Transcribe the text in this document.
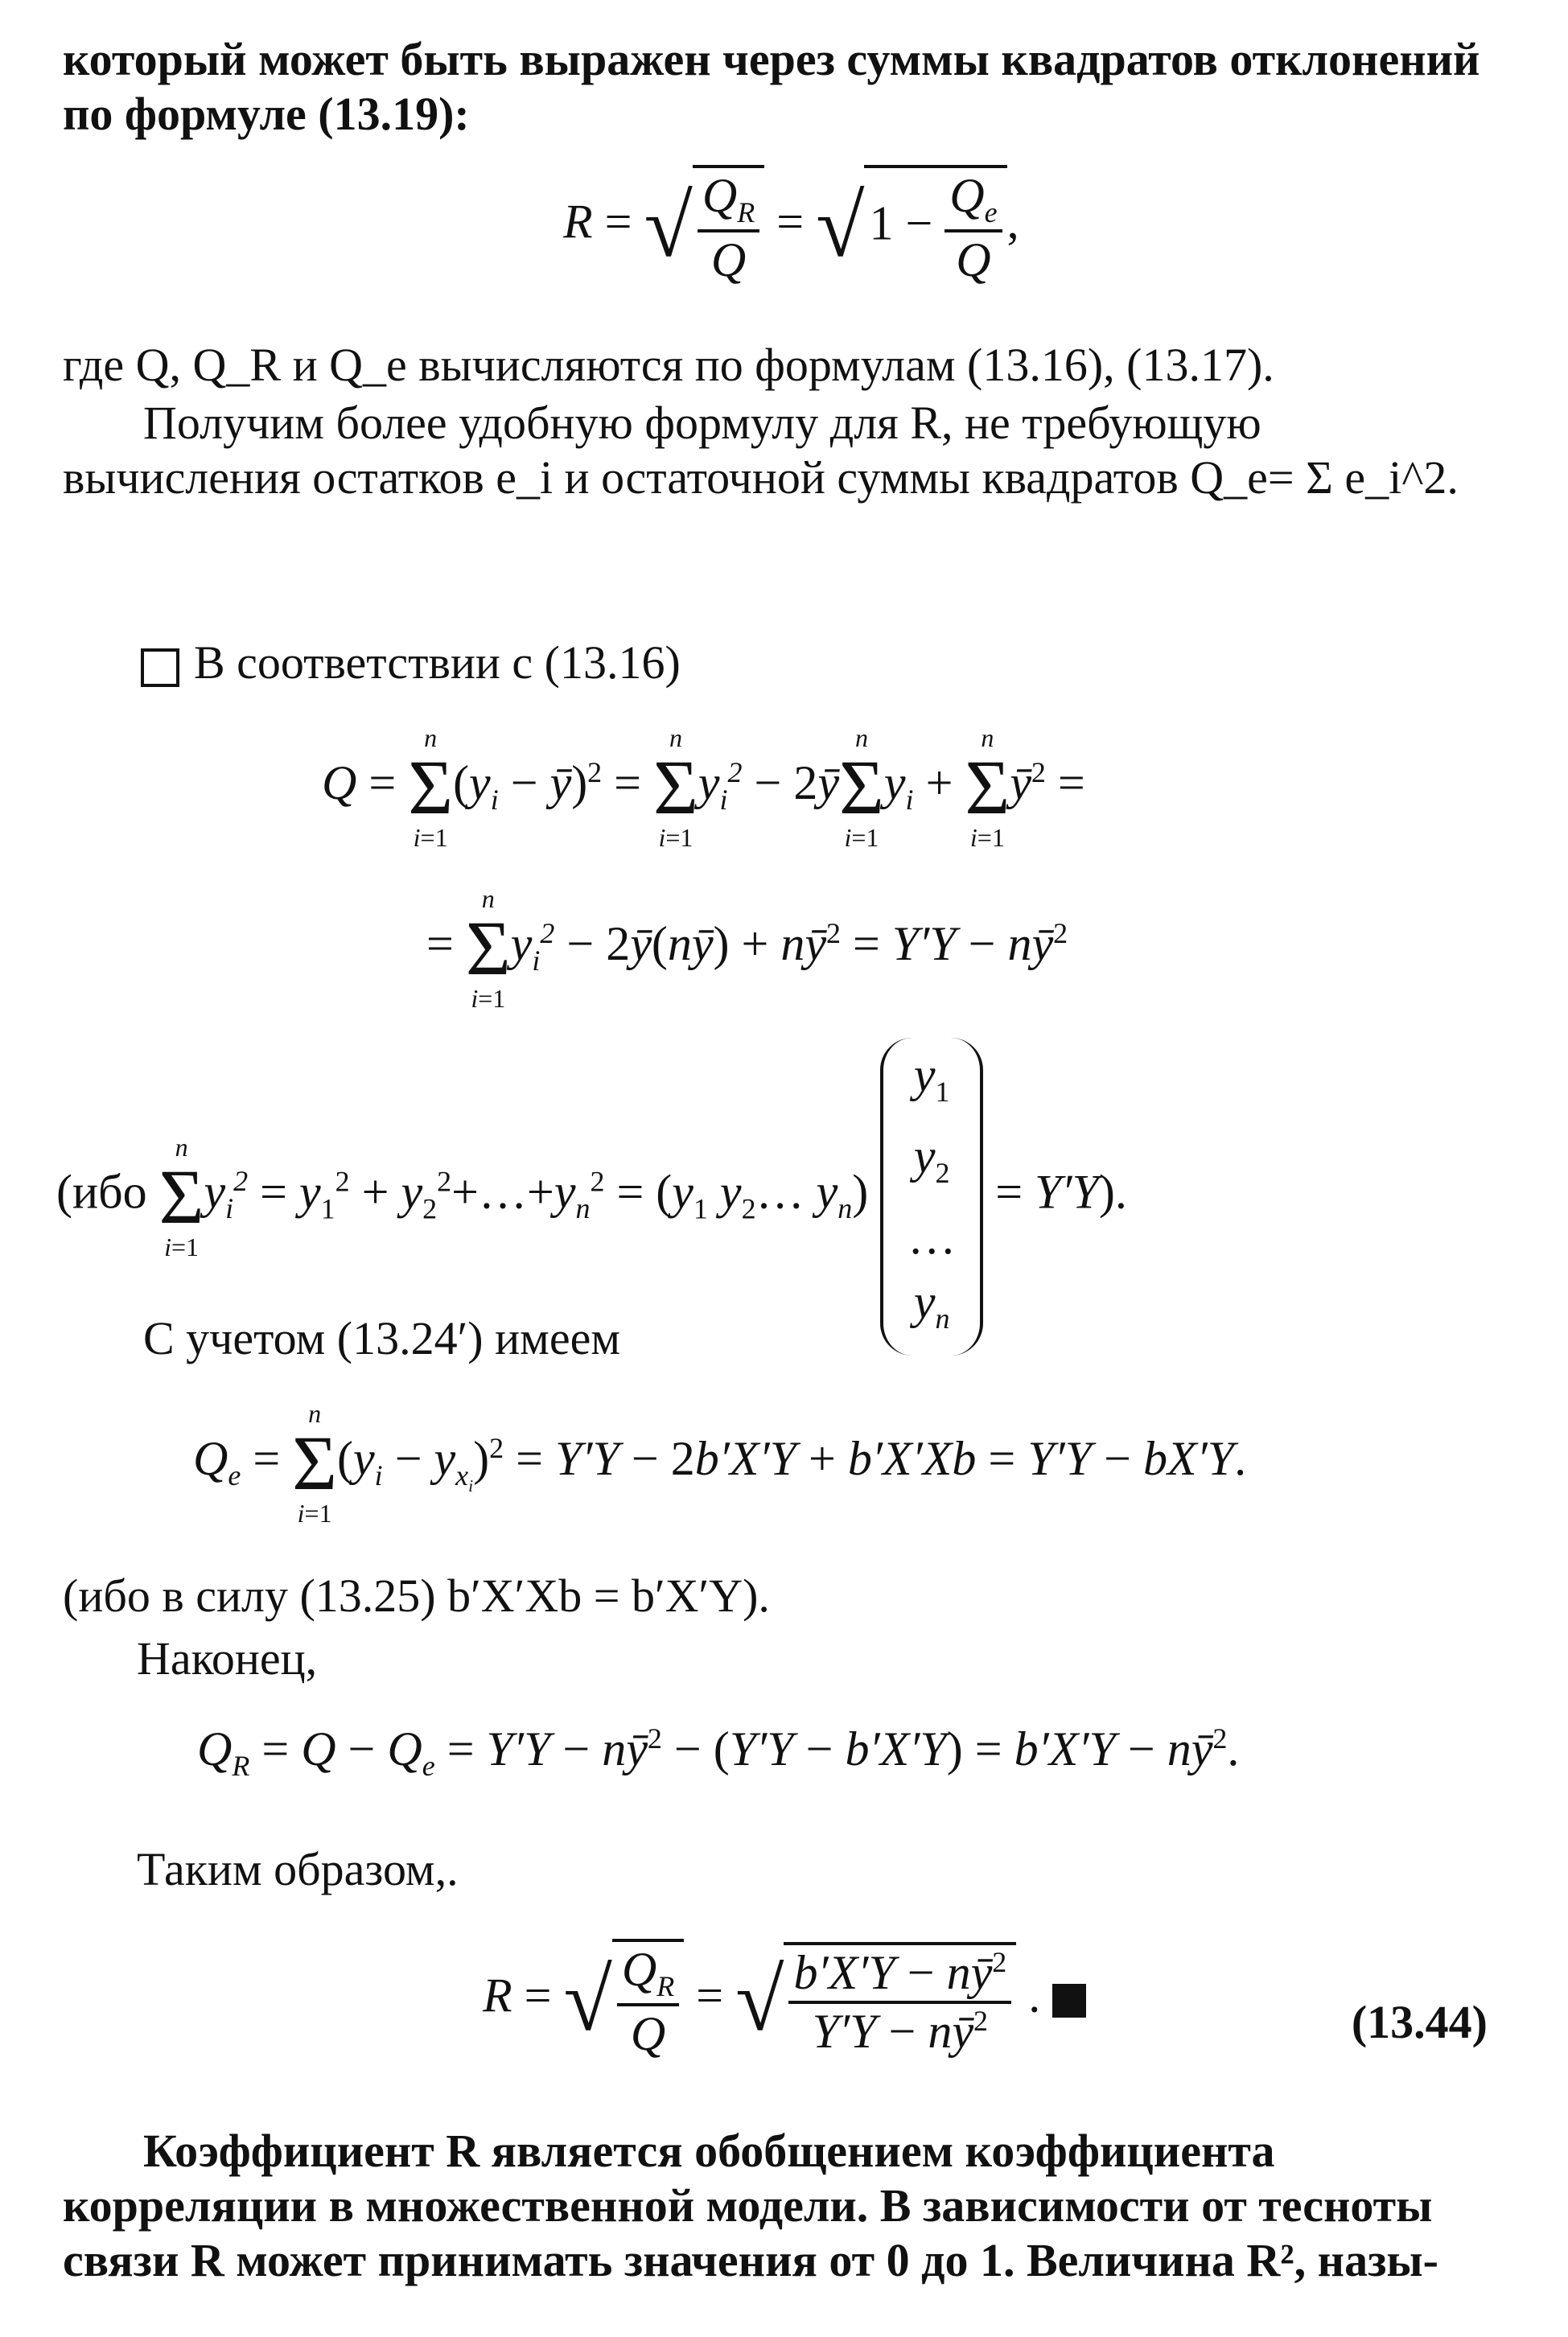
который может быть выражен через суммы квадратов отклонений по формуле (13.19):

R = √ $\frac{Q_R}{Q}$ = √ $1 - \frac{Q_e}{Q}$ ,

где Q, Q_R и Q_e вычисляются по формулам (13.16), (13.17).

Получим более удобную формулу для R, не требующую вычисления остатков e_i и остаточной суммы квадратов Q_e= Σ e_i^2.

В соответствии с (13.16)

Q = n
Σ
$i=1(y_i$ − ȳ)$^2$ = n
Σ
$i=1y_i^2$ − 2ȳn
Σ
$i=1y_i + n$
Σ
$i=1ȳ^2$ =
= n
Σ
$i=1y_i^2$ − 2ȳ(nȳ) + $nȳ^2 = Y'Y$ − $nȳ^2$
(ибо n
Σ
$i=1y_i^2 = y_1^2$ + $y_2^2+\dots+y_n^2 = (y_1$ $y_2\dots$ $y_n$) $y_1$
$y_2$
…
$y_n = Y'Y$).

С учетом (13.24′) имеем

$Q_e = n$
Σ
$i=1(y_i - y_{x_i})^2 = Y'Y - 2b'X'Y + b'X'Xb = Y'Y - bX'Y$.

(ибо в силу (13.25) b′X′Xb = b′X′Y).

Наконец,

$Q_R = Q - Q_e = Y'Y$ − $nȳ^2 - (Y'Y - b'X'Y) = b'X'Y$ − $nȳ^2$.

Таким образом,.

R = √ $\frac{Q_R}{Q}$ = √ $\frac{b'X'Y - nȳ^2}{Y'Y - nȳ^2}$ .
(13.44)

Коэффициент R является обобщением коэффициента корреляции в множественной модели. В зависимости от тесноты связи R может принимать значения от 0 до 1. Величина R², назы-
